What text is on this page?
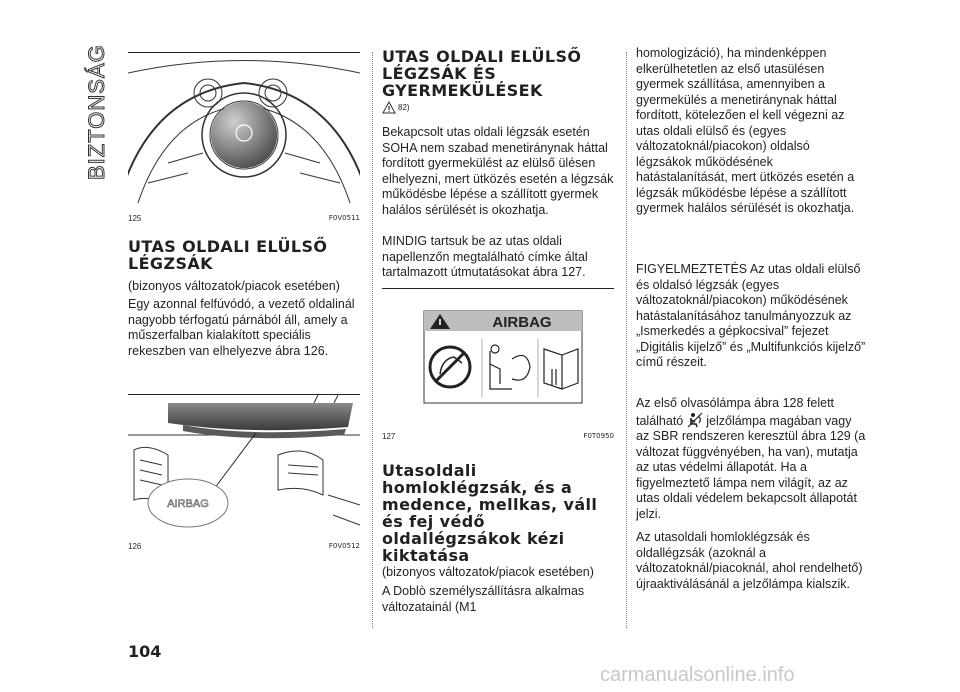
BIZTONSÁG
125	F0V0511
UTAS OLDALI ELÜLSŐ LÉGZSÁK

(bizonyos változatok/piacok esetében)

Egy azonnal felfúvódó, a vezető oldalinál nagyobb térfogatú párnából áll, amely a műszerfalban kialakított speciális rekeszben van elhelyezve ábra 126.

AIRBAG
126	F0V0512
UTAS OLDALI ELÜLSŐ LÉGZSÁK ÉS GYERMEKÜLÉSEK
82)

Bekapcsolt utas oldali légzsák esetén SOHA nem szabad menetiránynak háttal fordított gyermekülést az elülső ülésen elhelyezni, mert ütközés esetén a légzsák működésbe lépése a szállított gyermek halálos sérülését is okozhatja.

MINDIG tartsuk be az utas oldali napellenzőn megtalálható címke által tartalmazott útmutatásokat ábra 127.

AIRBAG
127	F0T0950
Utasoldali homloklégzsák, és a medence, mellkas, váll és fej védő oldallégzsákok kézi kiktatása

(bizonyos változatok/piacok esetében)

A Doblò személyszállításra alkalmas változatainál (M1

homologizáció), ha mindenképpen elkerülhetetlen az első utasülésen gyermek szállítása, amennyiben a gyermekülés a menetiránynak háttal fordított, kötelezően el kell végezni az utas oldali elülső és (egyes változatoknál/piacokon) oldalsó légzsákok működésének hatástalanítását, mert ütközés esetén a légzsák működésbe lépése a szállított gyermek halálos sérülését is okozhatja.

FIGYELMEZTETÉS Az utas oldali elülső és oldalsó légzsák (egyes változatoknál/piacokon) működésének hatástalanításához tanulmányozzuk az „Ismerkedés a gépkocsival” fejezet „Digitális kijelző” és „Multifunkciós kijelző” című részeit.

Az első olvasólámpa ábra 128 felett található jelzőlámpa magában vagy az SBR rendszeren keresztül ábra 129 (a változat függvényében, ha van), mutatja az utas védelmi állapotát. Ha a figyelmeztető lámpa nem világít, az az utas oldali védelem bekapcsolt állapotát jelzi.

Az utasoldali homloklégzsák és oldallégzsák (azoknál a változatoknál/piacoknál, ahol rendelhető) újraaktiválásánál a jelzőlámpa kialszik.

104
carmanualsonline.info
